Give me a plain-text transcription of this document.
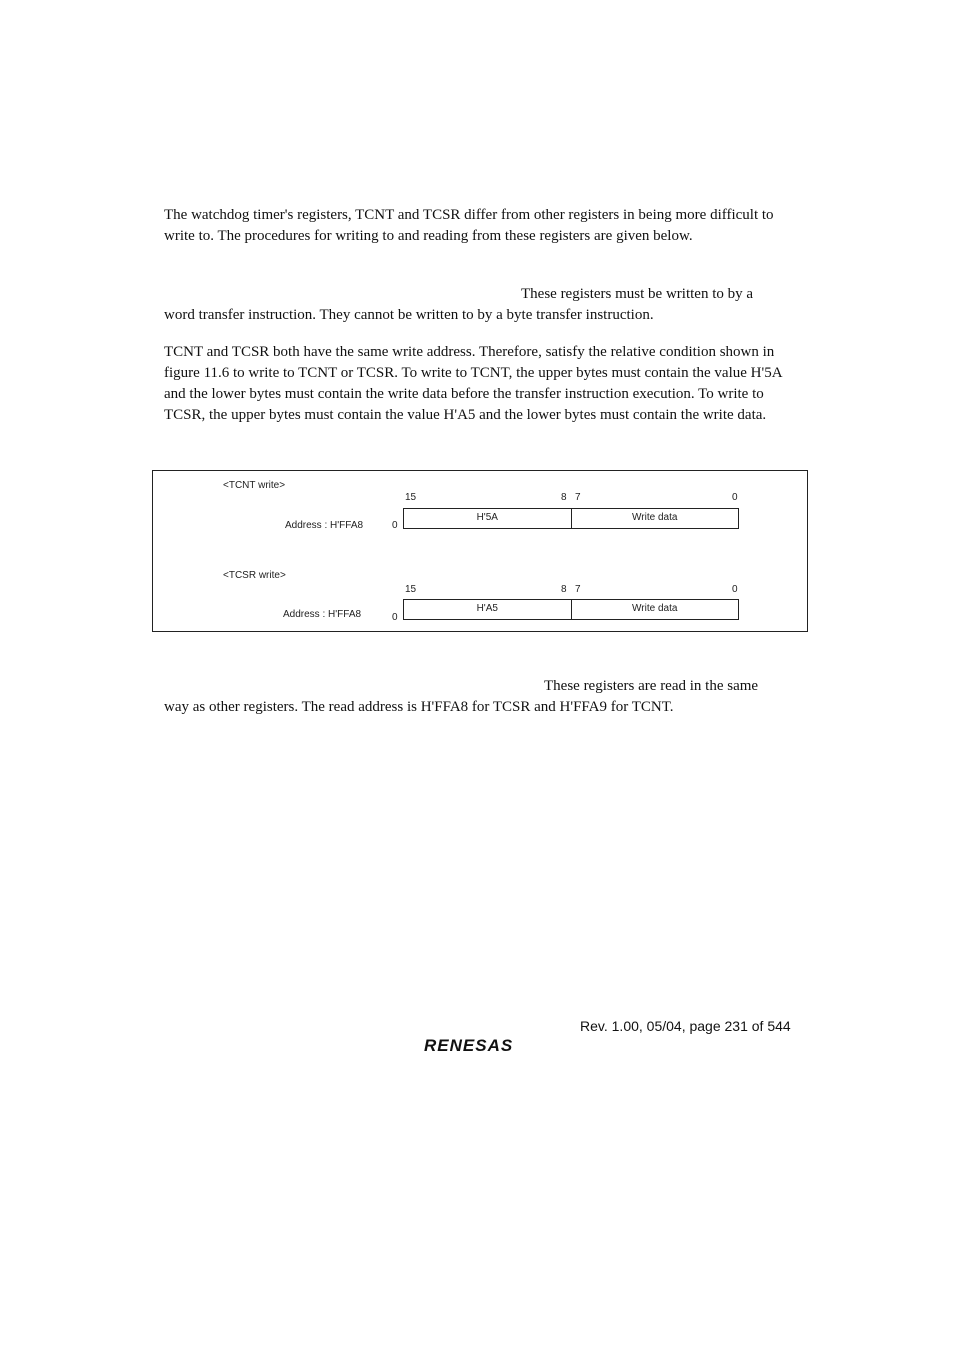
The watchdog timer's registers, TCNT and TCSR differ from other registers in being more difficult to write to. The procedures for writing to and reading from these registers are given below.

These registers must be written to by a
word transfer instruction. They cannot be written to by a byte transfer instruction.

TCNT and TCSR both have the same write address. Therefore, satisfy the relative condition shown in figure 11.6 to write to TCNT or TCSR. To write to TCNT, the upper bytes must contain the value H'5A and the lower bytes must contain the write data before the transfer instruction execution. To write to TCSR, the upper bytes must contain the value H'A5 and the lower bytes must contain the write data.

<TCNT write>
15	8 7	0
Address : H'FFA8	0
H'5A	Write data
<TCSR write>
15	8 7	0
Address : H'FFA8	0
H'A5	Write data

These registers are read in the same
way as other registers. The read address is H'FFA8 for TCSR and H'FFA9 for TCNT.

Rev. 1.00, 05/04, page 231 of 544
RENESAS
